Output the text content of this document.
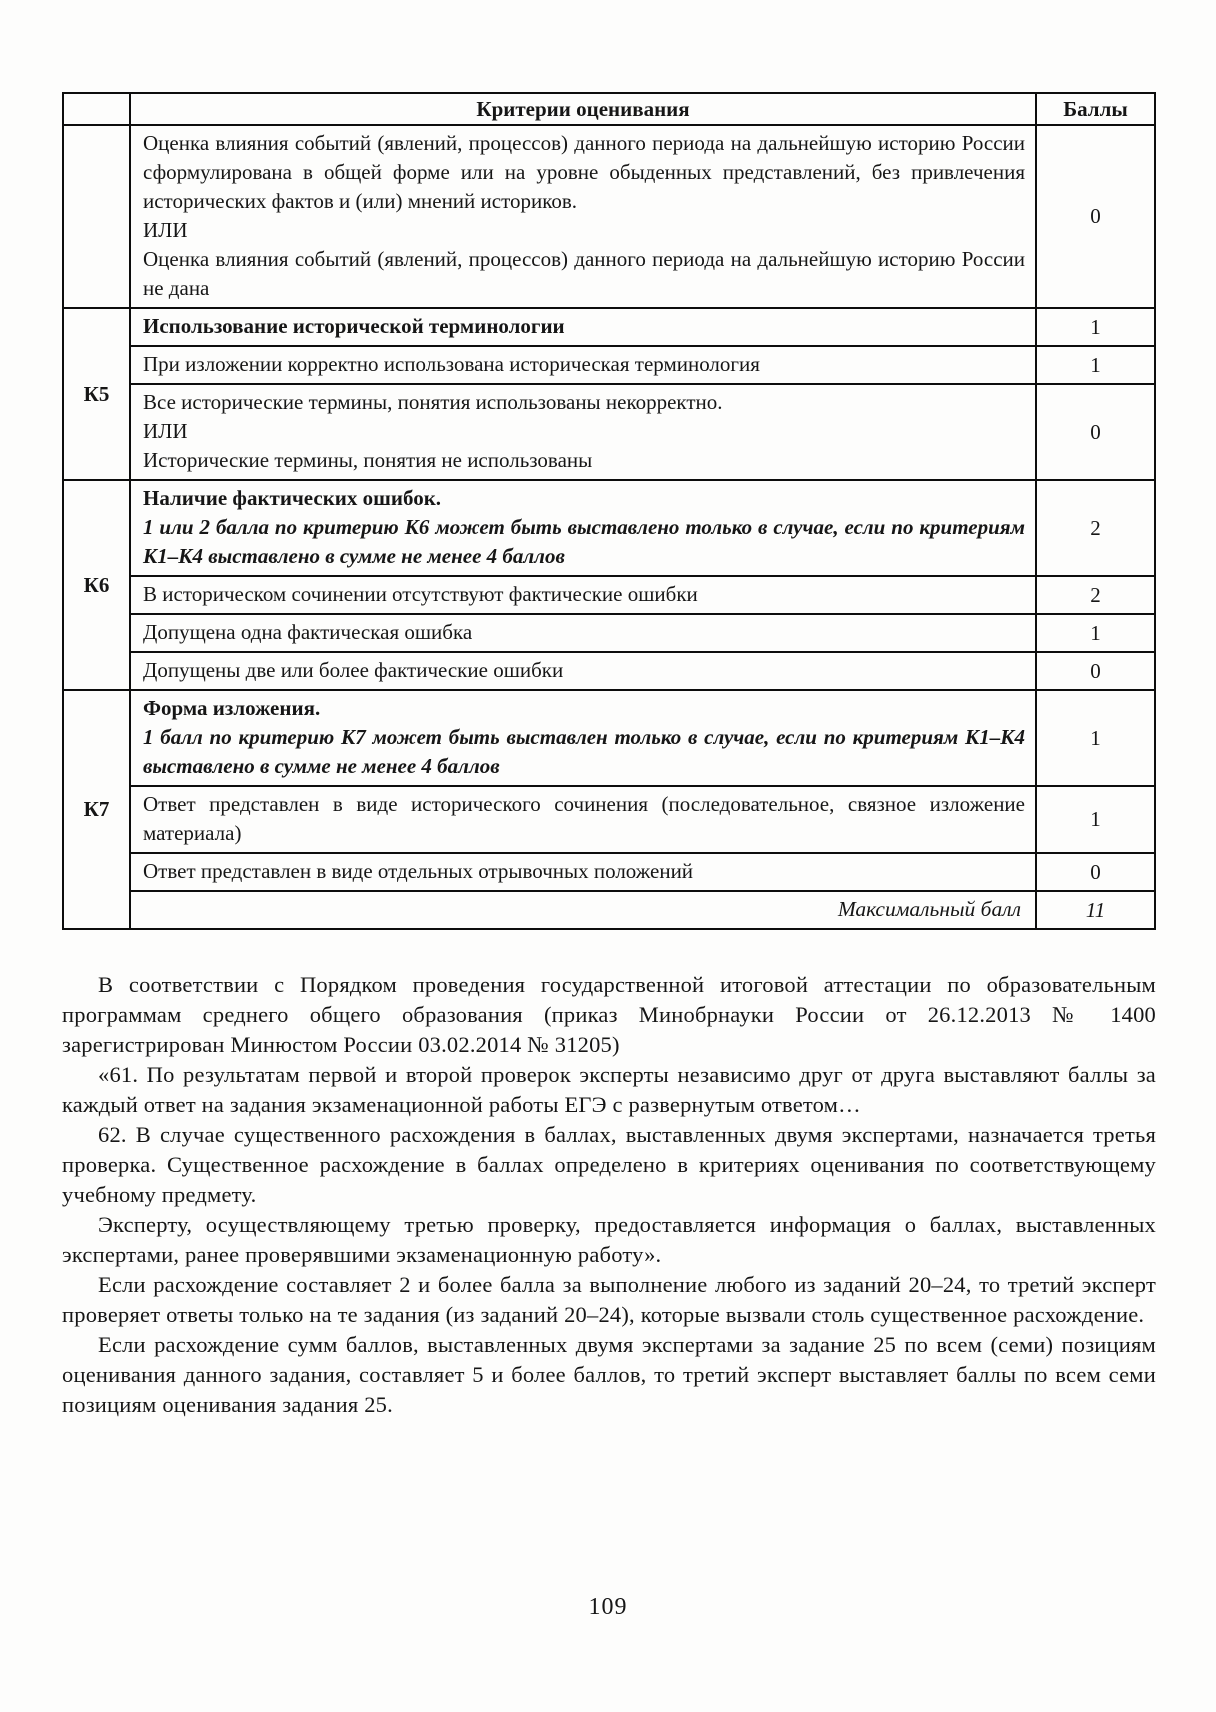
	Критерии оценивания	Баллы

	Оценка влияния событий (явлений, процессов) данного периода на дальнейшую историю России сформулирована в общей форме или на уровне обыденных представлений, без привлечения исторических фактов и (или) мнений историков.
ИЛИ
Оценка влияния событий (явлений, процессов) данного периода на дальнейшую историю России не дана	0
К5	Использование исторической терминологии	1

	При изложении корректно использована историческая терминология	1

	Все исторические термины, понятия использованы некорректно.
ИЛИ
Исторические термины, понятия не использованы	0
К6	Наличие фактических ошибок.
1 или 2 балла по критерию К6 может быть выставлено только в случае, если по критериям К1–К4 выставлено в сумме не менее 4 баллов	2

	В историческом сочинении отсутствуют фактические ошибки	2

	Допущена одна фактическая ошибка	1

	Допущены две или более фактические ошибки	0
К7	Форма изложения.
1 балл по критерию К7 может быть выставлен только в случае, если по критериям К1–К4 выставлено в сумме не менее 4 баллов	1

	Ответ представлен в виде исторического сочинения (последовательное, связное изложение материала)	1

	Ответ представлен в виде отдельных отрывочных положений	0
	Максимальный балл	11

В соответствии с Порядком проведения государственной итоговой аттестации по образовательным программам среднего общего образования (приказ Минобрнауки России от 26.12.2013 № 1400 зарегистрирован Минюстом России 03.02.2014 № 31205)

«61. По результатам первой и второй проверок эксперты независимо друг от друга выставляют баллы за каждый ответ на задания экзаменационной работы ЕГЭ с развернутым ответом…

62. В случае существенного расхождения в баллах, выставленных двумя экспертами, назначается третья проверка. Существенное расхождение в баллах определено в критериях оценивания по соответствующему учебному предмету.

Эксперту, осуществляющему третью проверку, предоставляется информация о баллах, выставленных экспертами, ранее проверявшими экзаменационную работу».

Если расхождение составляет 2 и более балла за выполнение любого из заданий 20–24, то третий эксперт проверяет ответы только на те задания (из заданий 20–24), которые вызвали столь существенное расхождение.

Если расхождение сумм баллов, выставленных двумя экспертами за задание 25 по всем (семи) позициям оценивания данного задания, составляет 5 и более баллов, то третий эксперт выставляет баллы по всем семи позициям оценивания задания 25.

109
